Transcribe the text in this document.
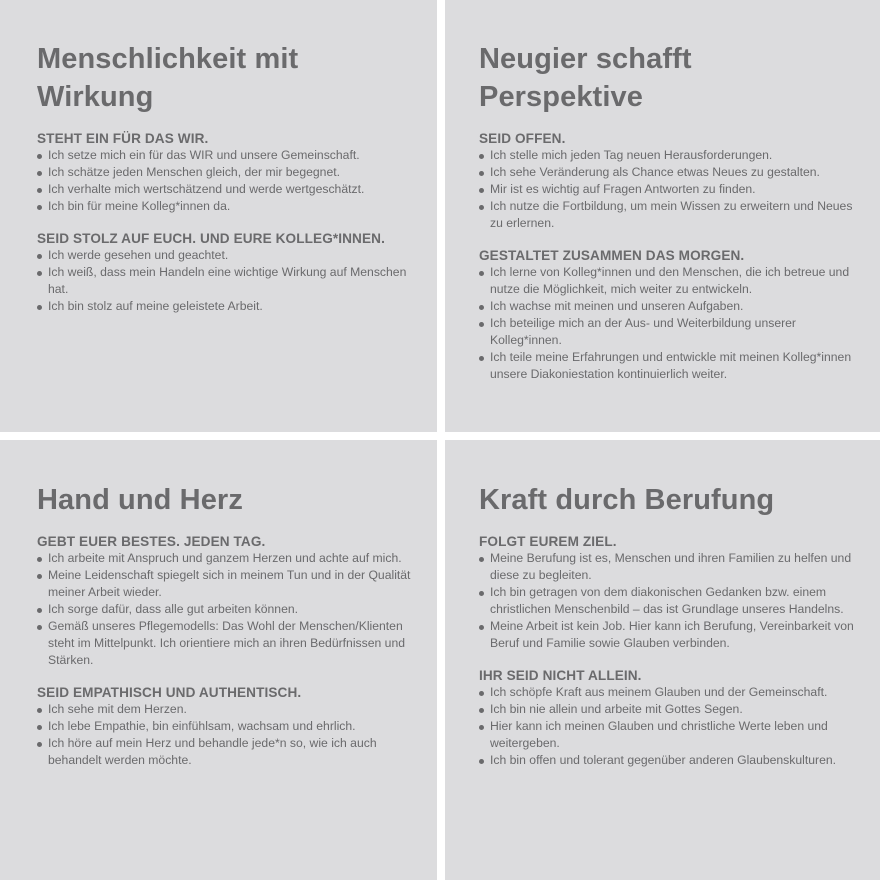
Menschlichkeit mit Wirkung
STEHT EIN FÜR DAS WIR.
Ich setze mich ein für das WIR und unsere Gemeinschaft.
Ich schätze jeden Menschen gleich, der mir begegnet.
Ich verhalte mich wertschätzend und werde wertgeschätzt.
Ich bin für meine Kolleg*innen da.
SEID STOLZ AUF EUCH. UND EURE KOLLEG*INNEN.
Ich werde gesehen und geachtet.
Ich weiß, dass mein Handeln eine wichtige Wirkung auf Menschen hat.
Ich bin stolz auf meine geleistete Arbeit.
Neugier schafft Perspektive
SEID OFFEN.
Ich stelle mich jeden Tag neuen Herausforderungen.
Ich sehe Veränderung als Chance etwas Neues zu gestalten.
Mir ist es wichtig auf Fragen Antworten zu finden.
Ich nutze die Fortbildung, um mein Wissen zu erweitern und Neues zu erlernen.
GESTALTET ZUSAMMEN DAS MORGEN.
Ich lerne von Kolleg*innen und den Menschen, die ich betreue und nutze die Möglichkeit, mich weiter zu entwickeln.
Ich wachse mit meinen und unseren Aufgaben.
Ich beteilige mich an der Aus- und Weiterbildung unserer Kolleg*innen.
Ich teile meine Erfahrungen und entwickle mit meinen Kolleg*innen unsere Diakoniestation kontinuierlich weiter.
Hand und Herz
GEBT EUER BESTES. JEDEN TAG.
Ich arbeite mit Anspruch und ganzem Herzen und achte auf mich.
Meine Leidenschaft spiegelt sich in meinem Tun und in der Qualität meiner Arbeit wieder.
Ich sorge dafür, dass alle gut arbeiten können.
Gemäß unseres Pflegemodells: Das Wohl der Menschen/Klienten steht im Mittelpunkt. Ich orientiere mich an ihren Bedürfnissen und Stärken.
SEID EMPATHISCH UND AUTHENTISCH.
Ich sehe mit dem Herzen.
Ich lebe Empathie, bin einfühlsam, wachsam und ehrlich.
Ich höre auf mein Herz und behandle jede*n so, wie ich auch behandelt werden möchte.
Kraft durch Berufung
FOLGT EUREM ZIEL.
Meine Berufung ist es, Menschen und ihren Familien zu helfen und diese zu begleiten.
Ich bin getragen von dem diakonischen Gedanken bzw. einem christlichen Menschenbild – das ist Grundlage unseres Handelns.
Meine Arbeit ist kein Job. Hier kann ich Berufung, Vereinbarkeit von Beruf und Familie sowie Glauben verbinden.
IHR SEID NICHT ALLEIN.
Ich schöpfe Kraft aus meinem Glauben und der Gemeinschaft.
Ich bin nie allein und arbeite mit Gottes Segen.
Hier kann ich meinen Glauben und christliche Werte leben und weitergeben.
Ich bin offen und tolerant gegenüber anderen Glaubenskulturen.
